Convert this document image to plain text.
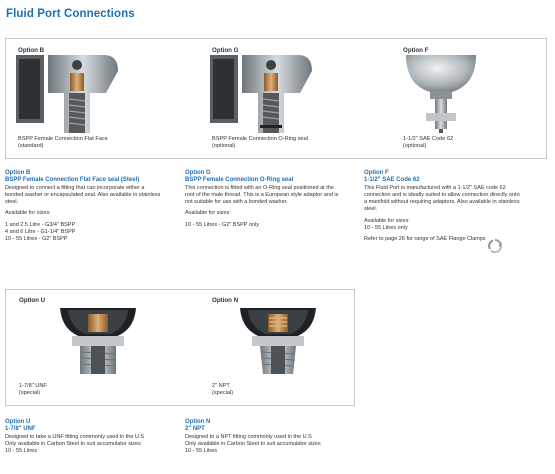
Fluid Port Connections
Option B
BSPP Female Connection Flat Face
(standard)
Option G
BSPP Female Connection O-Ring seal
(optional)
Option F
1-1/2" SAE Code 62
(optional)
Option B
BSPP Female Connection Flat Face seal (Steel)

Designed to connect a fitting that can incorporate either a

bonded washer or encapsulated seal. Also available in stainless

steel.

Available for sizes:

1 and 2.5 Litre - G3/4" BSPP

4 and 6 Litre - G1-1/4" BSPP

10 - 55 Litres - G2" BSPP

Option G
BSPP Female Connection O-Ring seal

This connection is fitted with an O-Ring seal positioned at the

root of the male thread. This is a European style adaptor and is

not suitable for use with a bonded washer.

Available for sizes:

10 - 55 Litres - G2" BSPP only

Option F
1-1/2" SAE Code 62

This Fluid Port is manufactured with a 1-1/2" SAE code 62

connection and is ideally suited to allow connection directly onto

a manifold without requiring adaptors. Also available in stainless

steel.

Available for sizes:

10 - 55 Litres only

Refer to page 26 for range of SAE Flange Clamps

Option U
1-7/8" UNF
(special)
Option N
2" NPT
(special)
Option U
1-7/8" UNF

Designed to take a UNF fitting commonly used in the U.S

Only available in Carbon Steel to suit accumulator sizes

10 - 55 Litres

Option N
2" NPT

Designed to a NPT fitting commonly used in the U.S

Only available in Carbon Steel to suit accumulator sizes

10 - 55 Litres
